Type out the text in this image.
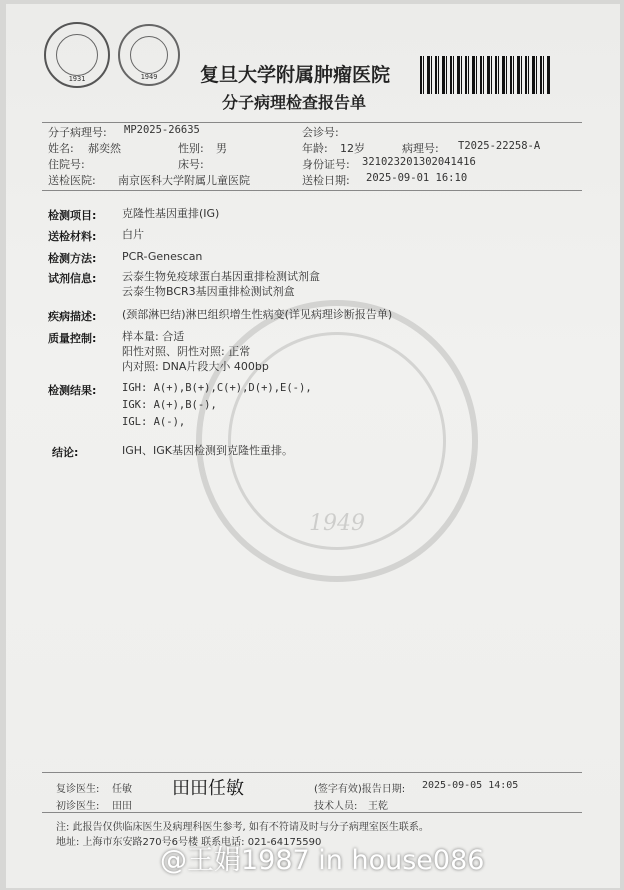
1931	1949	复旦大学附属肿瘤医院
分子病理检查报告单
分子病理号: MP2025-26635	会诊号:
姓名: 郝奕然	性别: 男	年龄: 12岁	病理号: T2025-22258-A
住院号:	床号:	身份证号: 321023201302041416
送检医院: 南京医科大学附属儿童医院	送检日期: 2025-09-01 16:10
1949
检测项目: 克隆性基因重排(IG)
送检材料: 白片
检测方法: PCR-Genescan
试剂信息: 云泰生物免疫球蛋白基因重排检测试剂盒
云泰生物BCR3基因重排检测试剂盒
疾病描述: (颈部淋巴结)淋巴组织增生性病变(详见病理诊断报告单)
质量控制: 样本量: 合适
阳性对照、阴性对照: 正常
内对照: DNA片段大小 400bp
检测结果: IGH: A(+),B(+),C(+),D(+),E(-),
IGK: A(+),B(-),
IGL: A(-),
结论:	IGH、IGK基因检测到克隆性重排。
复诊医生: 任敏 田田任敏	(签字有效)报告日期: 2025-09-05 14:05
初诊医生: 田田	技术人员: 王乾
注: 此报告仅供临床医生及病理科医生参考, 如有不符请及时与分子病理室医生联系。
地址: 上海市东安路270号6号楼 联系电话: 021-64175590
@王娟1987 in house086
